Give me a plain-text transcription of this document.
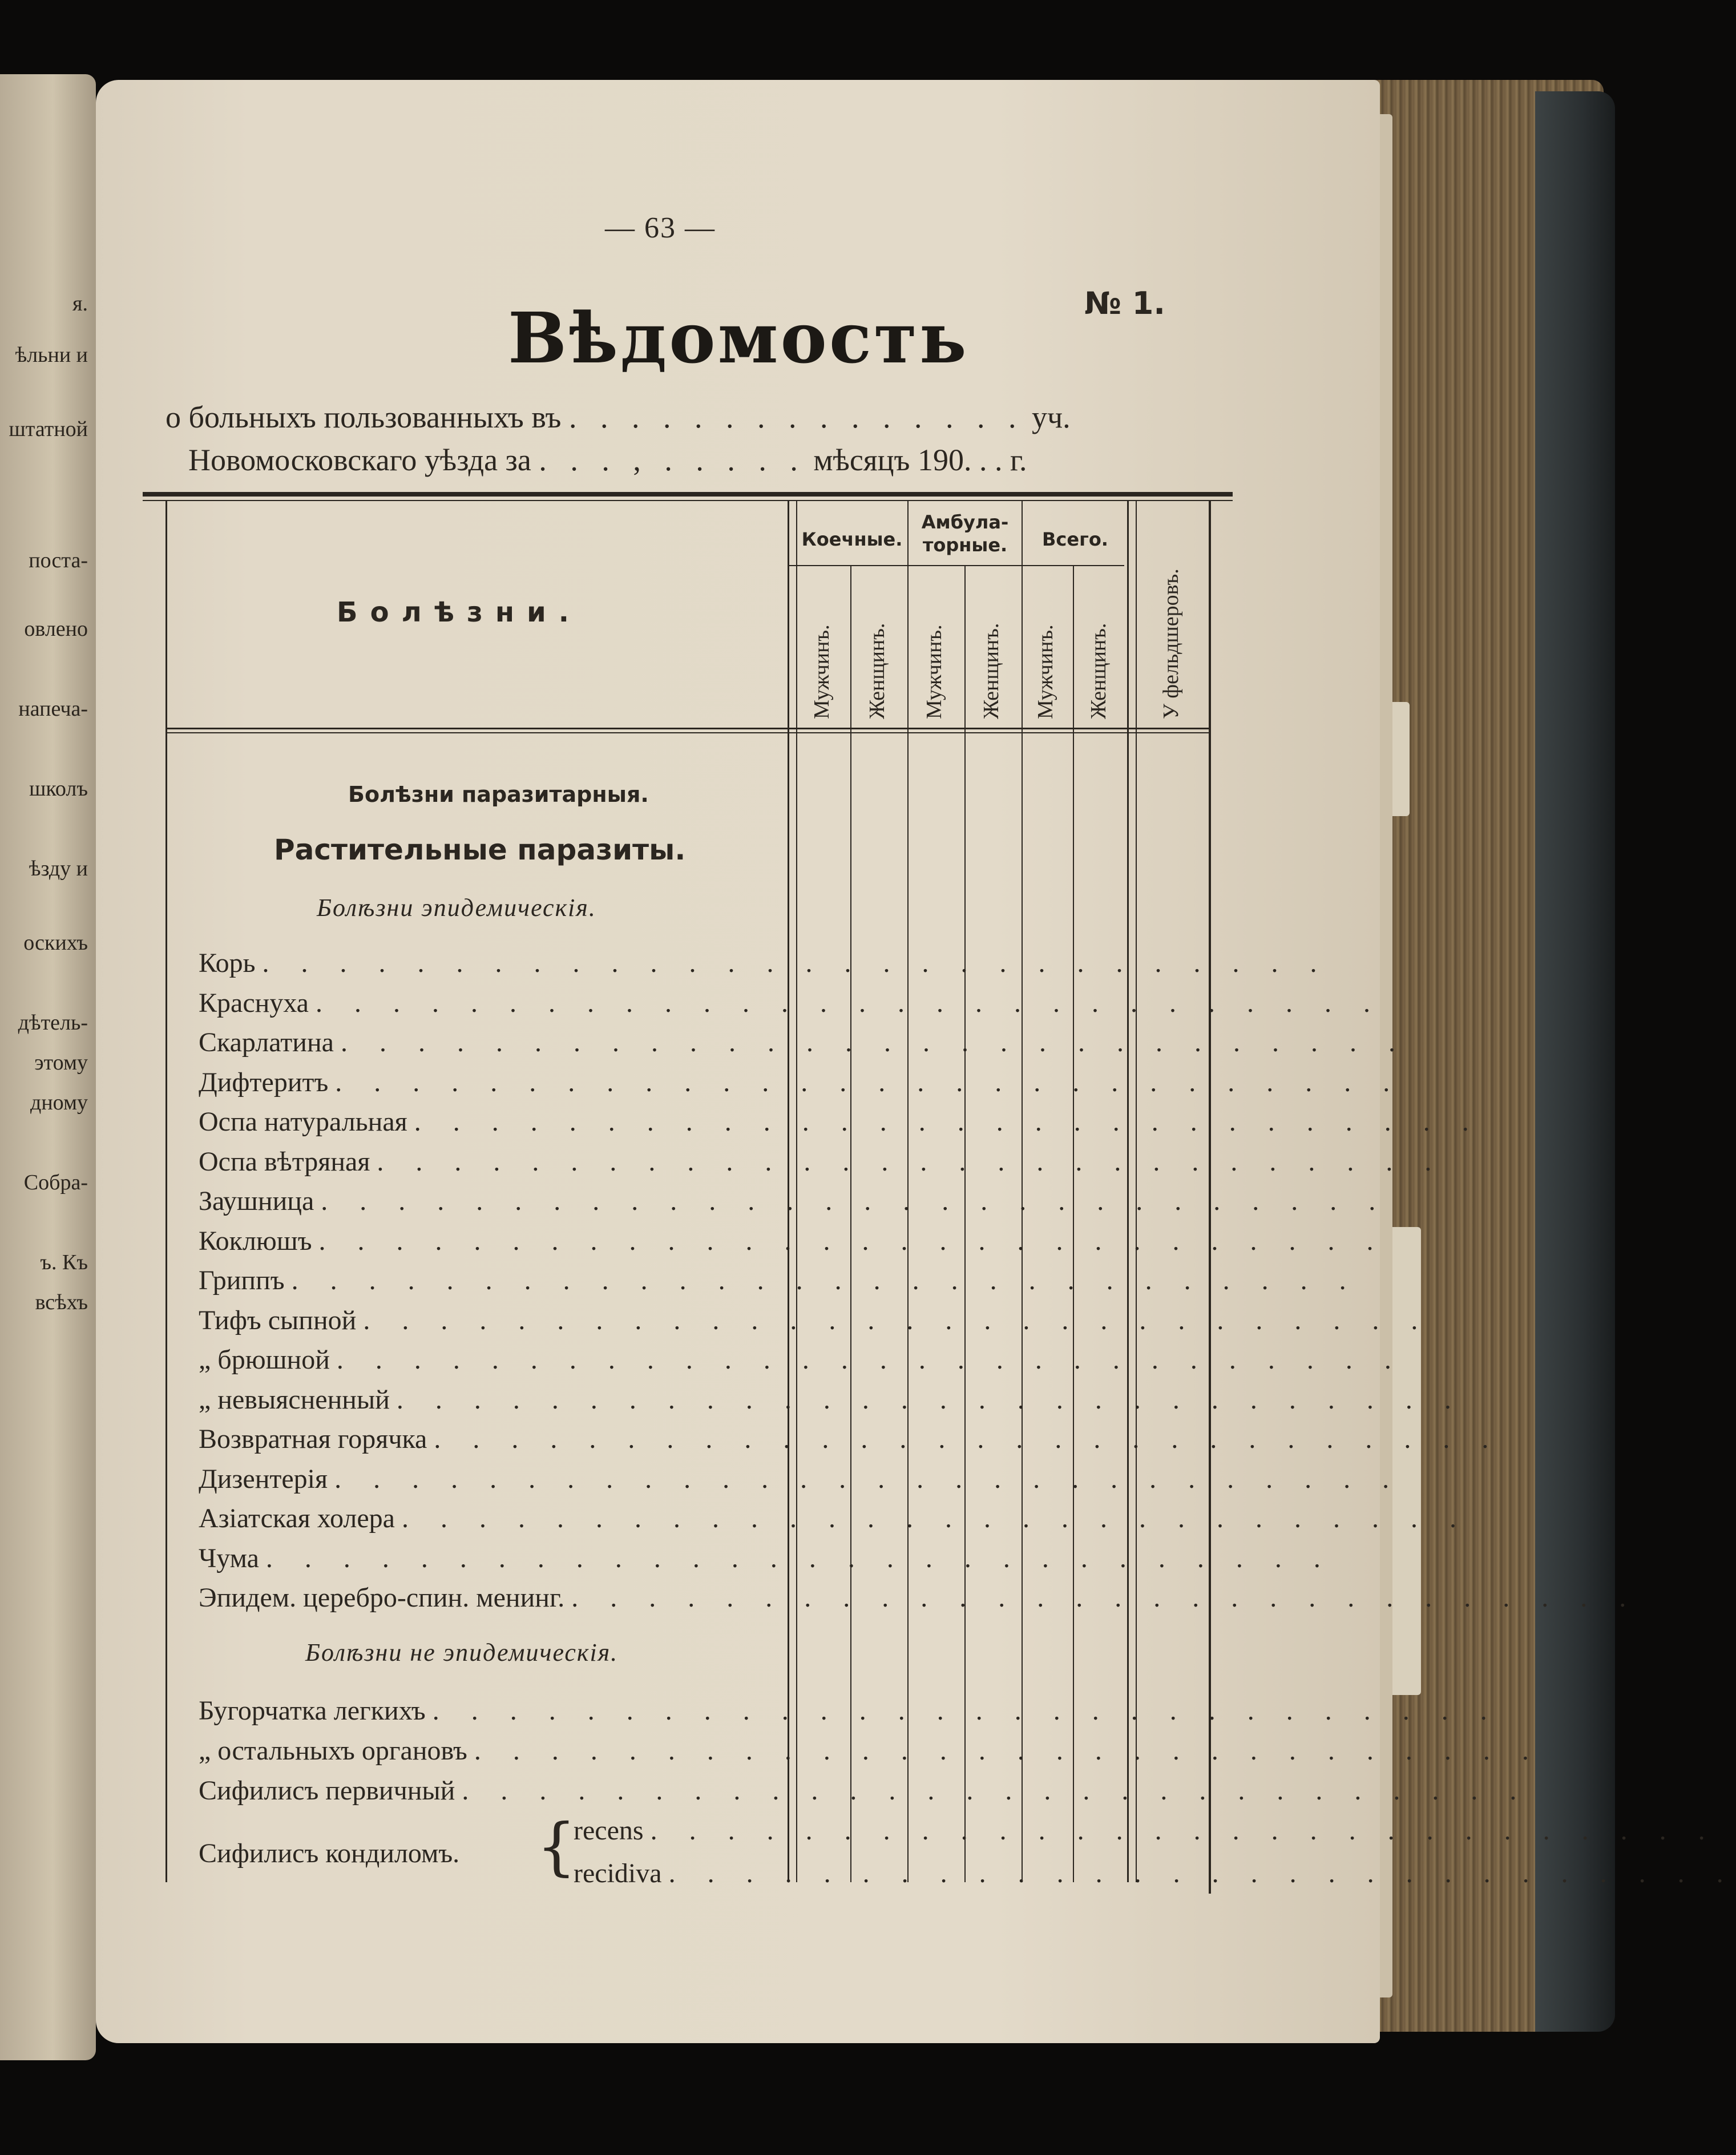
я.
ѣльни и
штатной
поста-
овлено
напеча-
школъ
ѣзду и
оскихъ
дѣтель-
этому
дному
Собра-
ъ. Къ
всѣхъ
— 63 —
Вѣдомость	№ 1.
о больныхъ пользованныхъ въ . . . . . . . . . . . . . . . уч.
Новомосковскаго уѣзда за . . . , . . . . . мѣсяцъ 190. . . г.
Болѣзни.
Коечные.
Амбула-
торные.	Всего.
Мужчинъ. Женщинъ. Мужчинъ. Женщинъ. Мужчинъ. Женщинъ. У фельдшеровъ.
Болѣзни паразитарныя.
Растительные паразиты.
Болѣзни эпидемическія.
Корь . . . . . . . . . . . . . . . . . . . . . . . . . . . .
Краснуха . . . . . . . . . . . . . . . . . . . . . . . . . . . .
Скарлатина . . . . . . . . . . . . . . . . . . . . . . . . . . . .
Дифтеритъ . . . . . . . . . . . . . . . . . . . . . . . . . . . .
Оспа натуральная . . . . . . . . . . . . . . . . . . . . . . . . . . . .
Оспа вѣтряная . . . . . . . . . . . . . . . . . . . . . . . . . . . .
Заушница . . . . . . . . . . . . . . . . . . . . . . . . . . . .
Коклюшъ . . . . . . . . . . . . . . . . . . . . . . . . . . . .
Гриппъ . . . . . . . . . . . . . . . . . . . . . . . . . . . .
Тифъ сыпной . . . . . . . . . . . . . . . . . . . . . . . . . . . .
„ брюшной . . . . . . . . . . . . . . . . . . . . . . . . . . . .
„ невыясненный . . . . . . . . . . . . . . . . . . . . . . . . . . . .
Возвратная горячка . . . . . . . . . . . . . . . . . . . . . . . . . . . .
Дизентерія . . . . . . . . . . . . . . . . . . . . . . . . . . . .
Азіатская холера . . . . . . . . . . . . . . . . . . . . . . . . . . . .
Чума . . . . . . . . . . . . . . . . . . . . . . . . . . . .
Эпидем. церебро-спин. менинг. . . . . . . . . . . . . . . . . . . . . . . . . . . . .
Болѣзни не эпидемическія.
Бугорчатка легкихъ . . . . . . . . . . . . . . . . . . . . . . . . . . . .
„ остальныхъ органовъ . . . . . . . . . . . . . . . . . . . . . . . . . . . .
Сифилисъ первичный . . . . . . . . . . . . . . . . . . . . . . . . . . . .
Сифилисъ кондиломъ.	{
recens . . . . . . . . . . . . . . . . . . . . . . . . . . . .
recidiva . . . . . . . . . . . . . . . . . . . . . . . . . . . .
